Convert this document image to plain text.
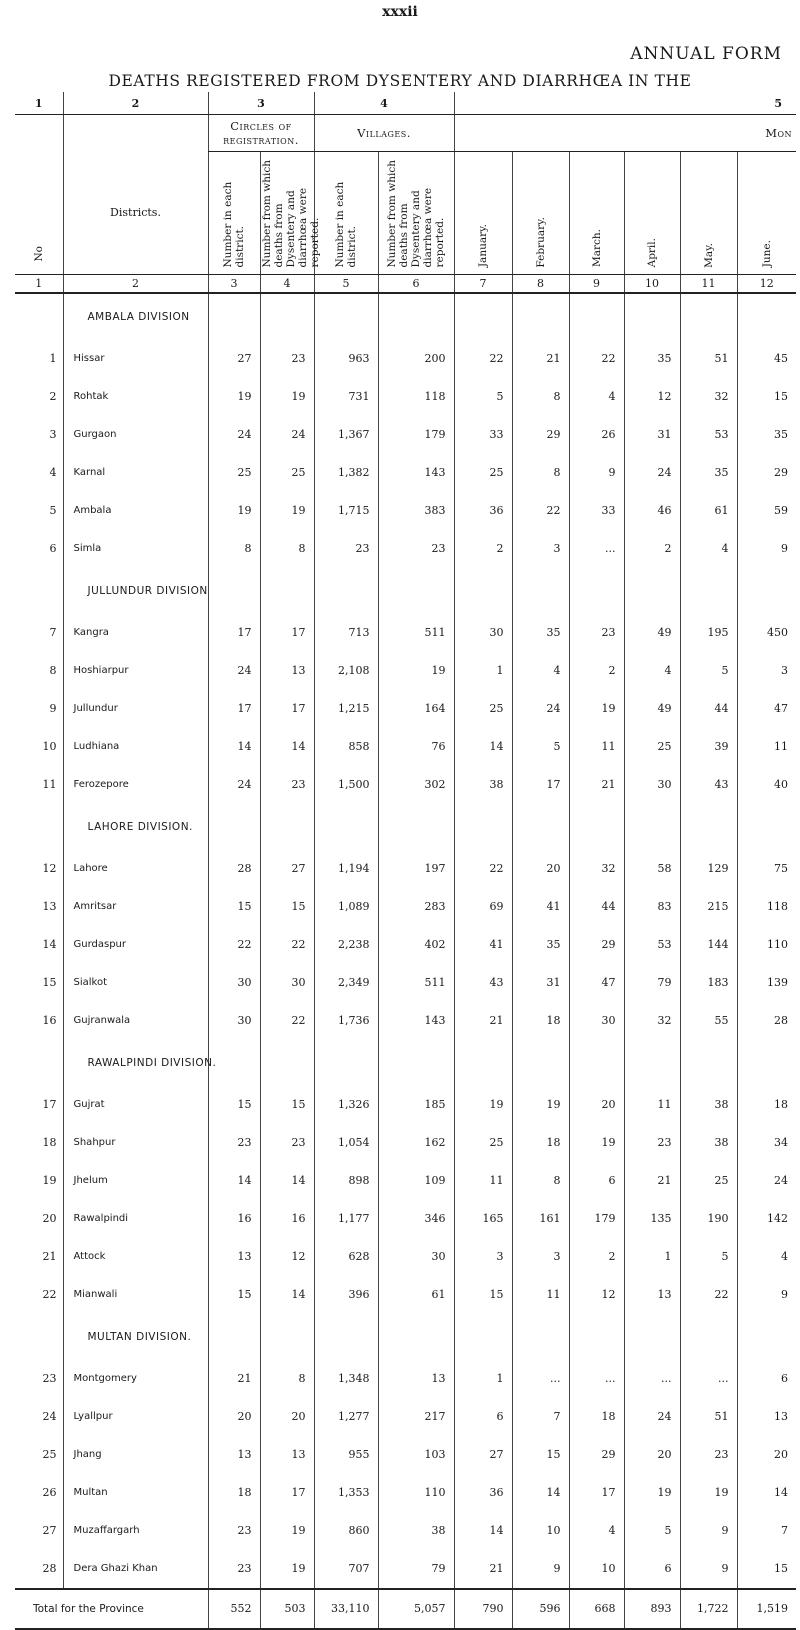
xxxii
ANNUAL FORM
DEATHS REGISTERED FROM DYSENTERY AND DIARRHŒA IN THE
1	2	3		4		5					
		Circles of registration.		Villages.		Mon					

No	Districts.	Number in each district.	Number from which deaths from Dysentery and diarrhœa were reported.	Number in each district.	Number from which deaths from Dysentery and diarrhœa were reported.	January.	February.	March.	April.	May.	June.

1	2	3	4	5	6	7	8	9	10	11	12

	AMBALA DIVISION										

1	Hissar	27	23	963	200	22	21	22	35	51	45
2	Rohtak	19	19	731	118	5	8	4	12	32	15
3	Gurgaon	24	24	1,367	179	33	29	26	31	53	35
4	Karnal	25	25	1,382	143	25	8	9	24	35	29
5	Ambala	19	19	1,715	383	36	22	33	46	61	59
6	Simla	8	8	23	23	2	3	...	2	4	9

	JULLUNDUR DIVISION										

7	Kangra	17	17	713	511	30	35	23	49	195	450
8	Hoshiarpur	24	13	2,108	19	1	4	2	4	5	3
9	Jullundur	17	17	1,215	164	25	24	19	49	44	47
10	Ludhiana	14	14	858	76	14	5	11	25	39	11
11	Ferozepore	24	23	1,500	302	38	17	21	30	43	40

	LAHORE DIVISION.										

12	Lahore	28	27	1,194	197	22	20	32	58	129	75
13	Amritsar	15	15	1,089	283	69	41	44	83	215	118
14	Gurdaspur	22	22	2,238	402	41	35	29	53	144	110
15	Sialkot	30	30	2,349	511	43	31	47	79	183	139
16	Gujranwala	30	22	1,736	143	21	18	30	32	55	28

	RAWALPINDI DIVISION.										

17	Gujrat	15	15	1,326	185	19	19	20	11	38	18
18	Shahpur	23	23	1,054	162	25	18	19	23	38	34
19	Jhelum	14	14	898	109	11	8	6	21	25	24
20	Rawalpindi	16	16	1,177	346	165	161	179	135	190	142
21	Attock	13	12	628	30	3	3	2	1	5	4
22	Mianwali	15	14	396	61	15	11	12	13	22	9

	MULTAN DIVISION.										

23	Montgomery	21	8	1,348	13	1	...	...	...	...	6
24	Lyallpur	20	20	1,277	217	6	7	18	24	51	13
25	Jhang	13	13	955	103	27	15	29	20	23	20
26	Multan	18	17	1,353	110	36	14	17	19	19	14
27	Muzaffargarh	23	19	860	38	14	10	4	5	9	7
28	Dera Ghazi Khan	23	19	707	79	21	9	10	6	9	15
Total for the Province		552	503	33,110	5,057	790	596	668	893	1,722	1,519
